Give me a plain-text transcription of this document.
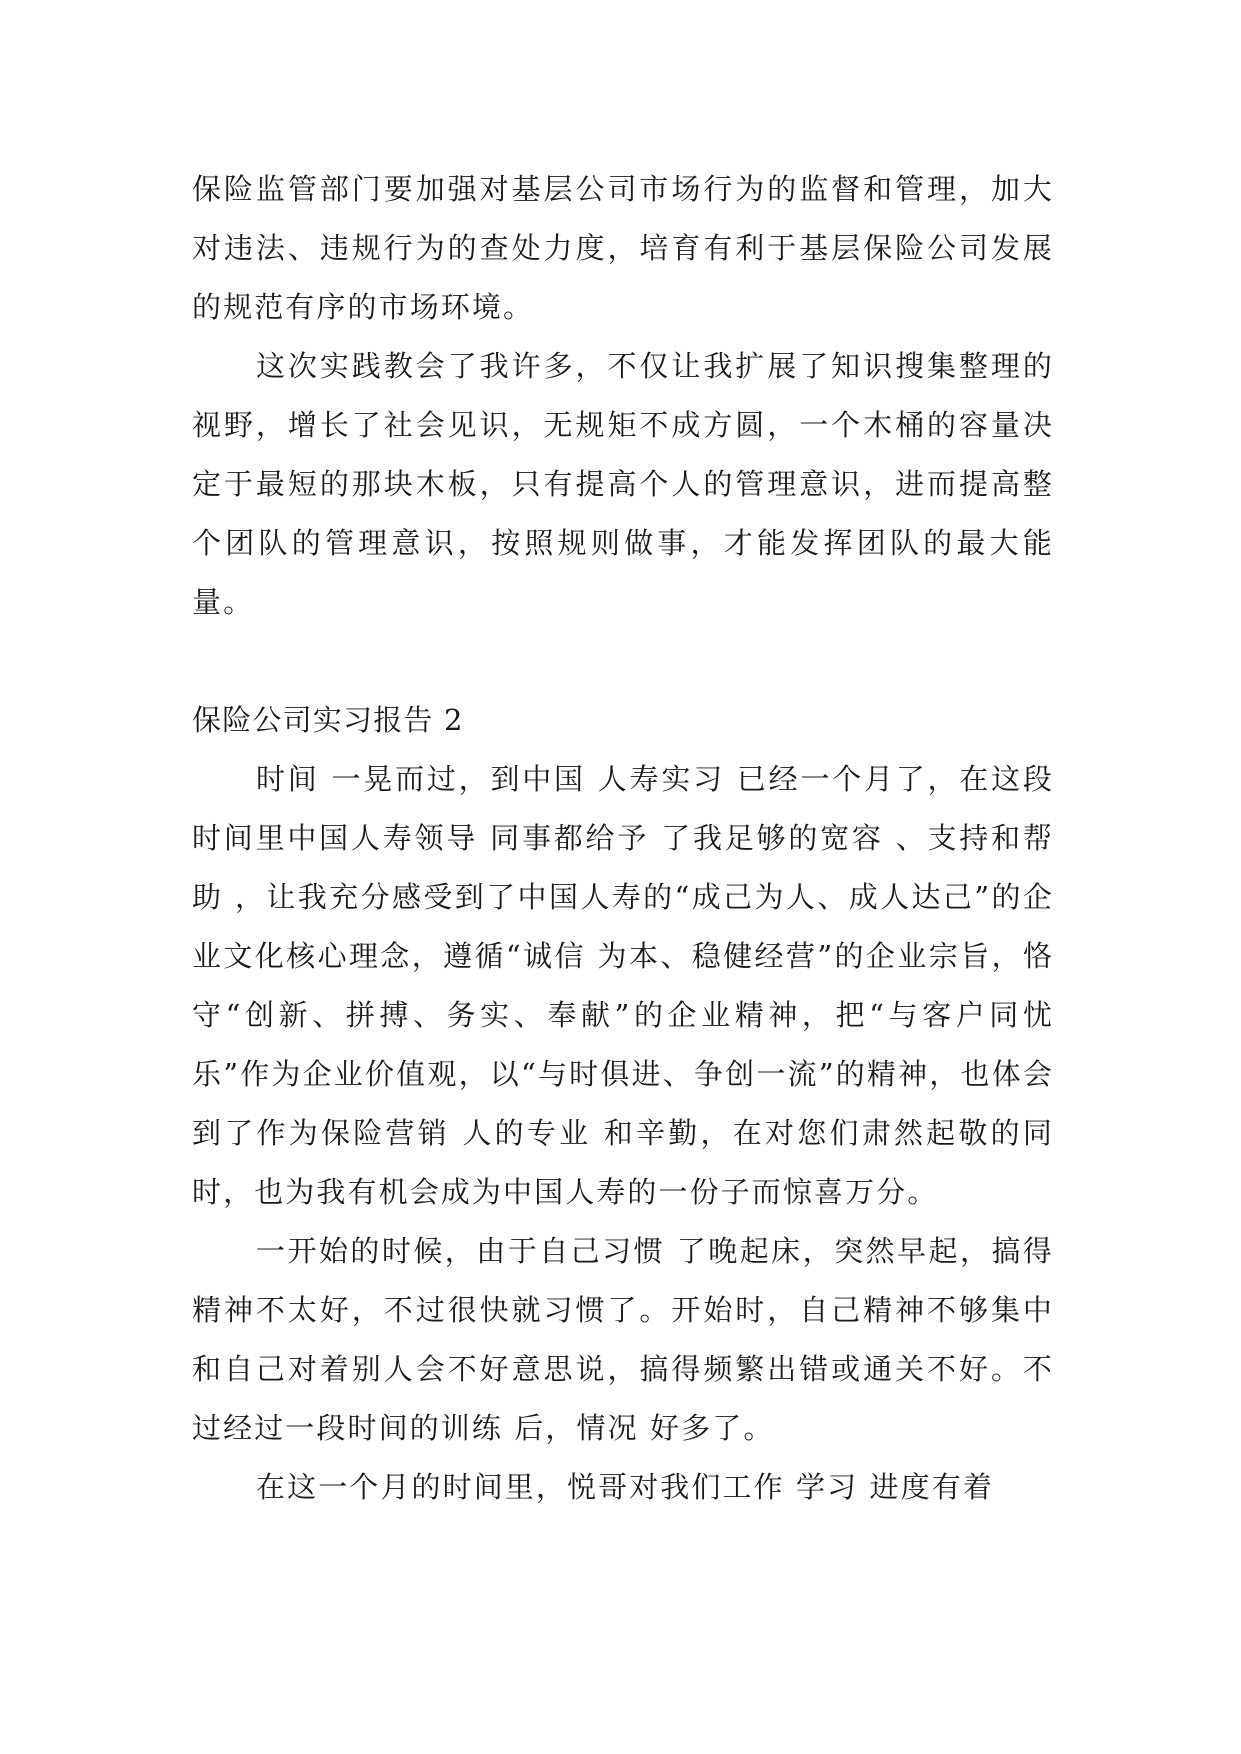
保险监管部门要加强对基层公司市场行为的监督和管理，加大对违法、违规行为的查处力度，培育有利于基层保险公司发展的规范有序的市场环境。

这次实践教会了我许多，不仅让我扩展了知识搜集整理的视野，增长了社会见识，无规矩不成方圆，一个木桶的容量决定于最短的那块木板，只有提高个人的管理意识，进而提高整个团队的管理意识，按照规则做事，才能发挥团队的最大能量。

保险公司实习报告 2

时间 一晃而过，到中国 人寿实习 已经一个月了，在这段时间里中国人寿领导 同事都给予 了我足够的宽容 、支持和帮助 ，让我充分感受到了中国人寿的“成己为人、成人达己”的企业文化核心理念，遵循“诚信 为本、稳健经营”的企业宗旨，恪守“创新、拼搏、务实、奉献”的企业精神，把“与客户同忧乐”作为企业价值观，以“与时俱进、争创一流”的精神，也体会 到了作为保险营销 人的专业 和辛勤，在对您们肃然起敬的同时，也为我有机会成为中国人寿的一份子而惊喜万分。

一开始的时候，由于自己习惯 了晚起床，突然早起，搞得精神不太好，不过很快就习惯了。开始时，自己精神不够集中和自己对着别人会不好意思说，搞得频繁出错或通关不好。不过经过一段时间的训练 后，情况 好多了。

在这一个月的时间里，悦哥对我们工作 学习 进度有着
